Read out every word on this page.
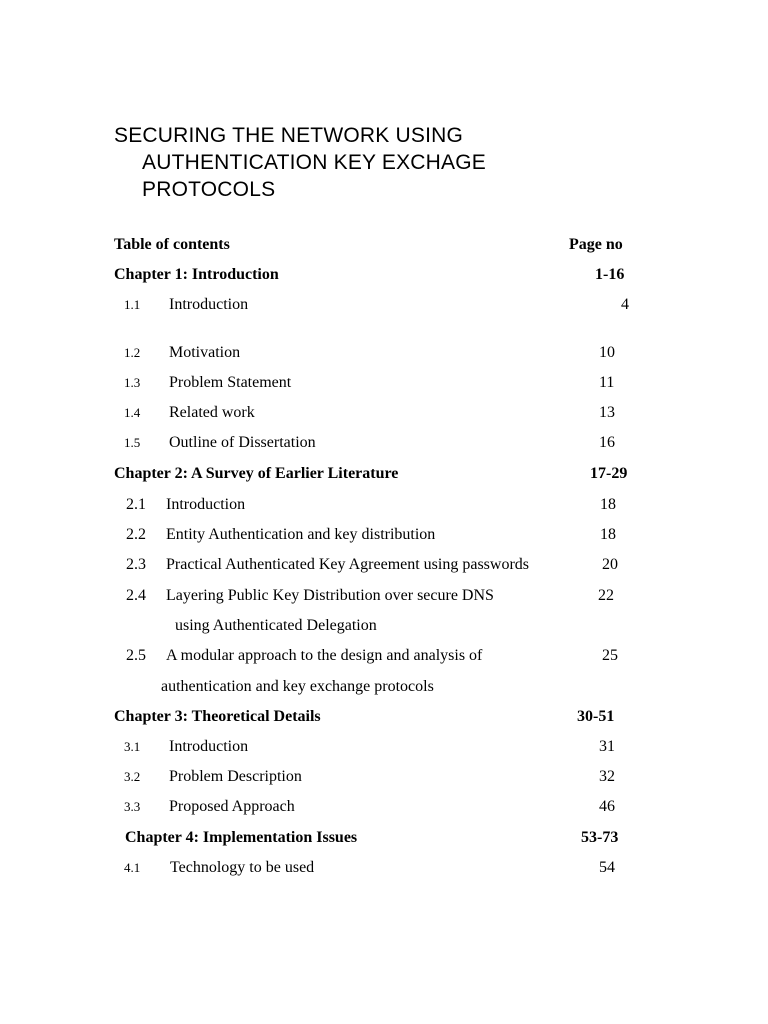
SECURING THE NETWORK USING
AUTHENTICATION KEY EXCHAGE
PROTOCOLS
Table of contents	Page no
Chapter 1: Introduction	1-16
1.1 Introduction	4
1.2 Motivation	10
1.3 Problem Statement	11
1.4 Related work	13
1.5 Outline of Dissertation	16
Chapter 2: A Survey of Earlier Literature	17-29
2.1 Introduction	18
2.2 Entity Authentication and key distribution	18
2.3 Practical Authenticated Key Agreement using passwords	20
2.4 Layering Public Key Distribution over secure DNS	22
using Authenticated Delegation
2.5 A modular approach to the design and analysis of	25
authentication and key exchange protocols
Chapter 3: Theoretical Details	30-51
3.1 Introduction	31
3.2 Problem Description	32
3.3 Proposed Approach	46
Chapter 4: Implementation Issues	53-73
4.1 Technology to be used	54
